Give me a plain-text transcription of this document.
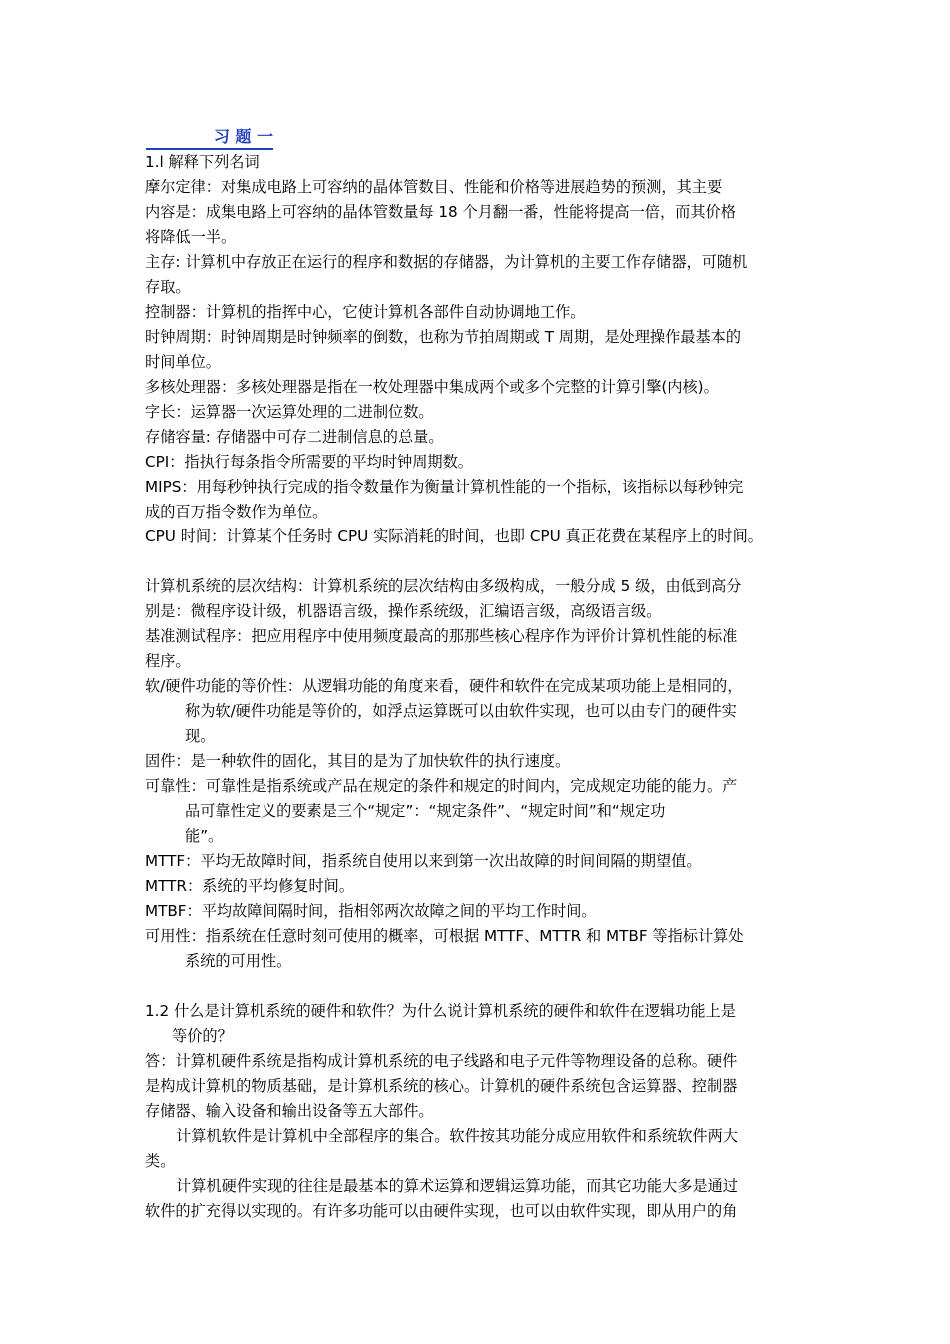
习 题 一
1.l 解释下列名词
摩尔定律：对集成电路上可容纳的晶体管数目、性能和价格等进展趋势的预测，其主要
内容是：成集电路上可容纳的晶体管数量每 18 个月翻一番，性能将提高一倍，而其价格
将降低一半。
主存: 计算机中存放正在运行的程序和数据的存储器，为计算机的主要工作存储器，可随机
存取。
控制器：计算机的指挥中心，它使计算机各部件自动协调地工作。
时钟周期：时钟周期是时钟频率的倒数，也称为节拍周期或 T 周期，是处理操作最基本的
时间单位。
多核处理器：多核处理器是指在一枚处理器中集成两个或多个完整的计算引擎(内核)。
字长：运算器一次运算处理的二进制位数。
存储容量: 存储器中可存二进制信息的总量。
CPI：指执行每条指令所需要的平均时钟周期数。
MIPS：用每秒钟执行完成的指令数量作为衡量计算机性能的一个指标，该指标以每秒钟完
成的百万指令数作为单位。
CPU 时间：计算某个任务时 CPU 实际消耗的时间，也即 CPU 真正花费在某程序上的时间。
计算机系统的层次结构：计算机系统的层次结构由多级构成，一般分成 5 级，由低到高分
别是：微程序设计级，机器语言级，操作系统级，汇编语言级，高级语言级。
基准测试程序：把应用程序中使用频度最高的那那些核心程序作为评价计算机性能的标准
程序。
软/硬件功能的等价性：从逻辑功能的角度来看，硬件和软件在完成某项功能上是相同的，
称为软/硬件功能是等价的，如浮点运算既可以由软件实现，也可以由专门的硬件实
现。
固件：是一种软件的固化，其目的是为了加快软件的执行速度。
可靠性：可靠性是指系统或产品在规定的条件和规定的时间内，完成规定功能的能力。产
品可靠性定义的要素是三个“规定”：“规定条件”、“规定时间”和“规定功
能”。
MTTF：平均无故障时间，指系统自使用以来到第一次出故障的时间间隔的期望值。
MTTR：系统的平均修复时间。
MTBF：平均故障间隔时间，指相邻两次故障之间的平均工作时间。
可用性：指系统在任意时刻可使用的概率，可根据 MTTF、MTTR 和 MTBF 等指标计算处
系统的可用性。
1.2 什么是计算机系统的硬件和软件？为什么说计算机系统的硬件和软件在逻辑功能上是
等价的？
答：计算机硬件系统是指构成计算机系统的电子线路和电子元件等物理设备的总称。硬件
是构成计算机的物质基础，是计算机系统的核心。计算机的硬件系统包含运算器、控制器
存储器、输入设备和输出设备等五大部件。
计算机软件是计算机中全部程序的集合。软件按其功能分成应用软件和系统软件两大
类。
计算机硬件实现的往往是最基本的算术运算和逻辑运算功能，而其它功能大多是通过
软件的扩充得以实现的。有许多功能可以由硬件实现，也可以由软件实现，即从用户的角
